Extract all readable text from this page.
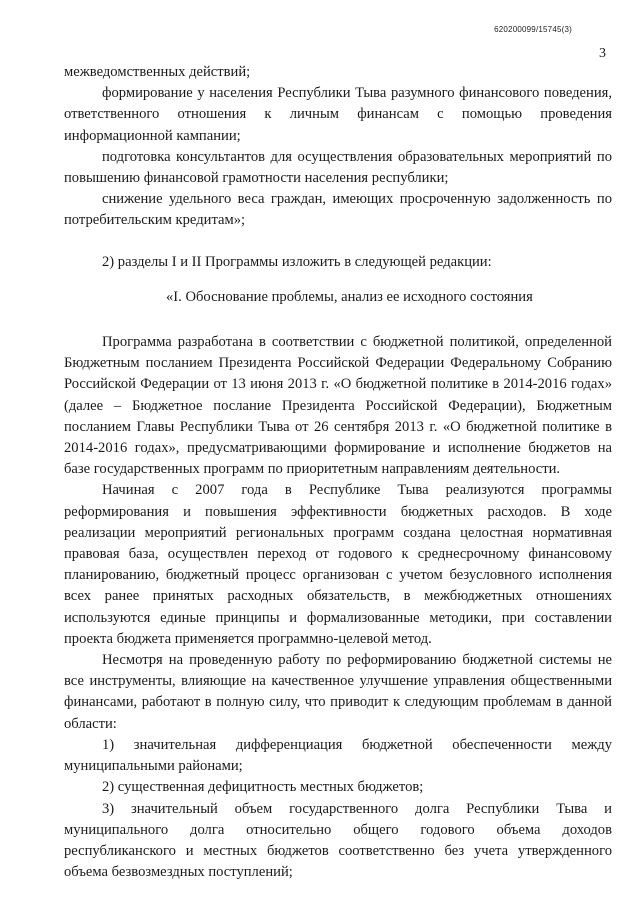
620200099/15745(3)
3

межведомственных действий;

формирование у населения Республики Тыва разумного финансового поведения, ответственного отношения к личным финансам с помощью проведения информационной кампании;

подготовка консультантов для осуществления образовательных мероприятий по повышению финансовой грамотности населения республики;

снижение удельного веса граждан, имеющих просроченную задолженность по потребительским кредитам»;

2) разделы I и II Программы изложить в следующей редакции:

«I. Обоснование проблемы, анализ ее исходного состояния

Программа разработана в соответствии с бюджетной политикой, определенной Бюджетным посланием Президента Российской Федерации Федеральному Собранию Российской Федерации от 13 июня 2013 г. «О бюджетной политике в 2014-2016 годах» (далее – Бюджетное послание Президента Российской Федерации), Бюджетным посланием Главы Республики Тыва от 26 сентября 2013 г. «О бюджетной политике в 2014-2016 годах», предусматривающими формирование и исполнение бюджетов на базе государственных программ по приоритетным направлениям деятельности.

Начиная с 2007 года в Республике Тыва реализуются программы реформирования и повышения эффективности бюджетных расходов. В ходе реализации мероприятий региональных программ создана целостная нормативная правовая база, осуществлен переход от годового к среднесрочному финансовому планированию, бюджетный процесс организован с учетом безусловного исполнения всех ранее принятых расходных обязательств, в межбюджетных отношениях используются единые принципы и формализованные методики, при составлении проекта бюджета применяется программно-целевой метод.

Несмотря на проведенную работу по реформированию бюджетной системы не все инструменты, влияющие на качественное улучшение управления общественными финансами, работают в полную силу, что приводит к следующим проблемам в данной области:

1) значительная дифференциация бюджетной обеспеченности между муниципальными районами;

2) существенная дефицитность местных бюджетов;

3) значительный объем государственного долга Республики Тыва и муниципального долга относительно общего годового объема доходов республиканского и местных бюджетов соответственно без учета утвержденного объема безвозмездных поступлений;
